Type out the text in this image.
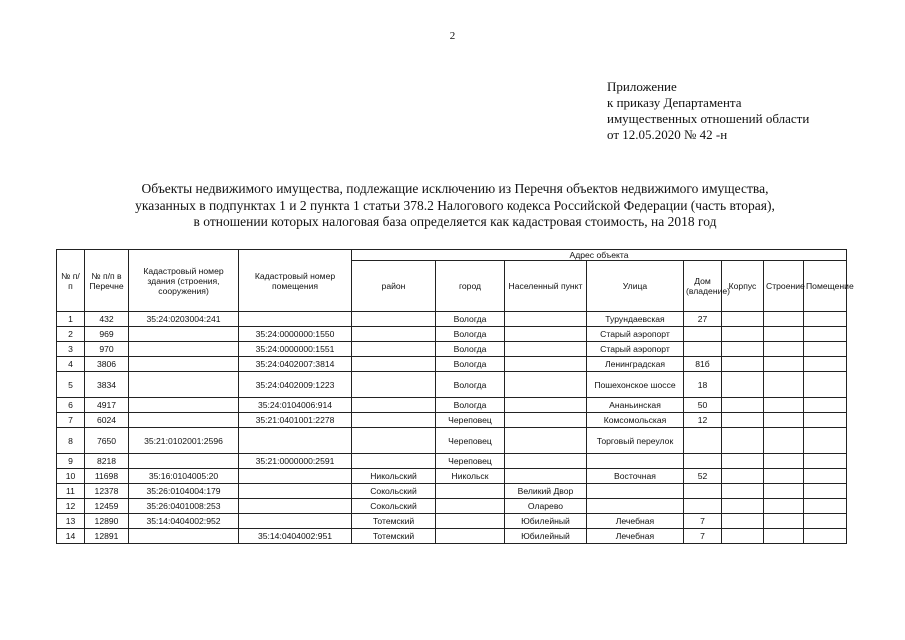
2
Приложение
к приказу Департамента
имущественных отношений области
от 12.05.2020 № 42 -н
Объекты недвижимого имущества, подлежащие исключению из Перечня объектов недвижимого имущества,
указанных в подпунктах 1 и 2 пункта 1 статьи 378.2 Налогового кодекса Российской Федерации (часть вторая),
в отношении которых налоговая база определяется как кадастровая стоимость, на 2018 год
№ п/п	№ п/п в Перечне	Кадастровый номер здания (строения, сооружения)	Кадастровый номер помещения	Адрес объекта							
				район	город	Населенный пункт	Улица	Дом (владение)	Корпус	Строение	Помещение
1	432	35:24:0203004:241			Вологда		Турундаевская	27			
2	969		35:24:0000000:1550		Вологда		Старый аэропорт				
3	970		35:24:0000000:1551		Вологда		Старый аэропорт				
4	3806		35:24:0402007:3814		Вологда		Ленинградская	81б			
5	3834		35:24:0402009:1223		Вологда		Пошехонское шоссе	18			
6	4917		35:24:0104006:914		Вологда		Ананьинская	50			
7	6024		35:21:0401001:2278		Череповец		Комсомольская	12			
8	7650	35:21:0102001:2596			Череповец		Торговый переулок				
9	8218		35:21:0000000:2591		Череповец						
10	11698	35:16:0104005:20		Никольский	Никольск		Восточная	52			
11	12378	35:26:0104004:179		Сокольский		Великий Двор					
12	12459	35:26:0401008:253		Сокольский		Оларево					
13	12890	35:14:0404002:952		Тотемский		Юбилейный	Лечебная	7			
14	12891		35:14:0404002:951	Тотемский		Юбилейный	Лечебная	7			
